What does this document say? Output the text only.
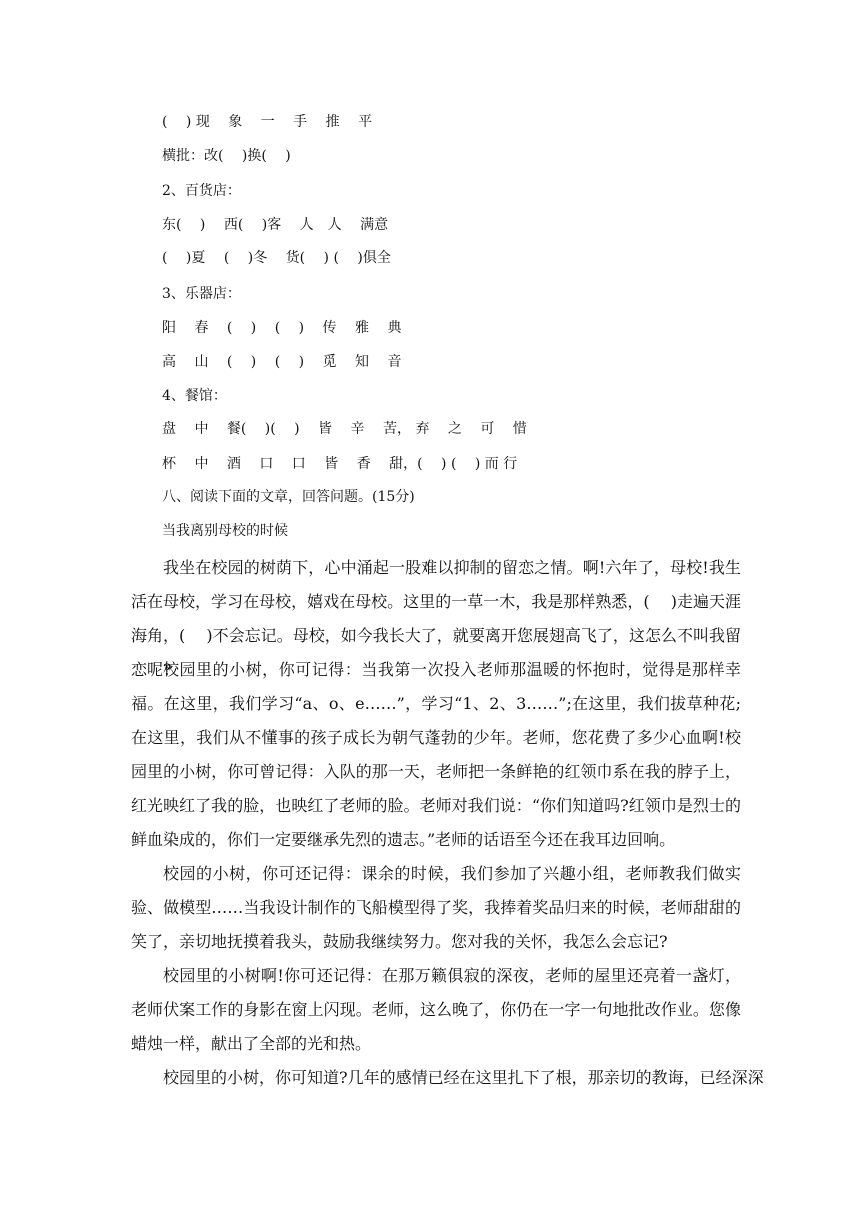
(　 ) 现　 象　 一　 手　 推　 平
横批：改(　 )换(　 )
2、百货店：
东(　 )　 西(　 )客　 人　人　 满意
(　 )夏　 (　 )冬　 货(　 ) (　 )俱全
3、乐器店：
阳　 春　 (　 )　 (　 )　 传　 雅　 典
高　 山　 (　 )　 (　 )　 觅　 知　 音
4、餐馆：
盘　 中　 餐(　 )(　 )　 皆　 辛　 苦， 弃　 之　 可　 惜
杯　 中　 酒　 口　 口　 皆　 香　 甜，(　 ) (　 ) 而 行
八、阅读下面的文章，回答问题。(15分)
当我离别母校的时候
我坐在校园的树荫下，心中涌起一股难以抑制的留恋之情。啊!六年了，母校!我生活在母校，学习在母校，嬉戏在母校。这里的一草一木，我是那样熟悉，(　 )走遍天涯海角，(　 )不会忘记。母校，如今我长大了，就要离开您展翅高飞了，这怎么不叫我留恋呢?
校园里的小树，你可记得：当我第一次投入老师那温暖的怀抱时，觉得是那样幸福。在这里，我们学习“a、o、e……”，学习“1、2、3……”;在这里，我们拔草种花;在这里，我们从不懂事的孩子成长为朝气蓬勃的少年。老师，您花费了多少心血啊!校园里的小树，你可曾记得：入队的那一天，老师把一条鲜艳的红领巾系在我的脖子上，红光映红了我的脸，也映红了老师的脸。老师对我们说：“你们知道吗?红领巾是烈士的鲜血染成的，你们一定要继承先烈的遗志。”老师的话语至今还在我耳边回响。
校园的小树，你可还记得：课余的时候，我们参加了兴趣小组，老师教我们做实验、做模型……当我设计制作的飞船模型得了奖，我捧着奖品归来的时候，老师甜甜的笑了，亲切地抚摸着我头，鼓励我继续努力。您对我的关怀，我怎么会忘记?
校园里的小树啊!你可还记得：在那万籁俱寂的深夜，老师的屋里还亮着一盏灯，老师伏案工作的身影在窗上闪现。老师，这么晚了，你仍在一字一句地批改作业。您像蜡烛一样，献出了全部的光和热。
校园里的小树，你可知道?几年的感情已经在这里扎下了根，那亲切的教诲，已经深深
